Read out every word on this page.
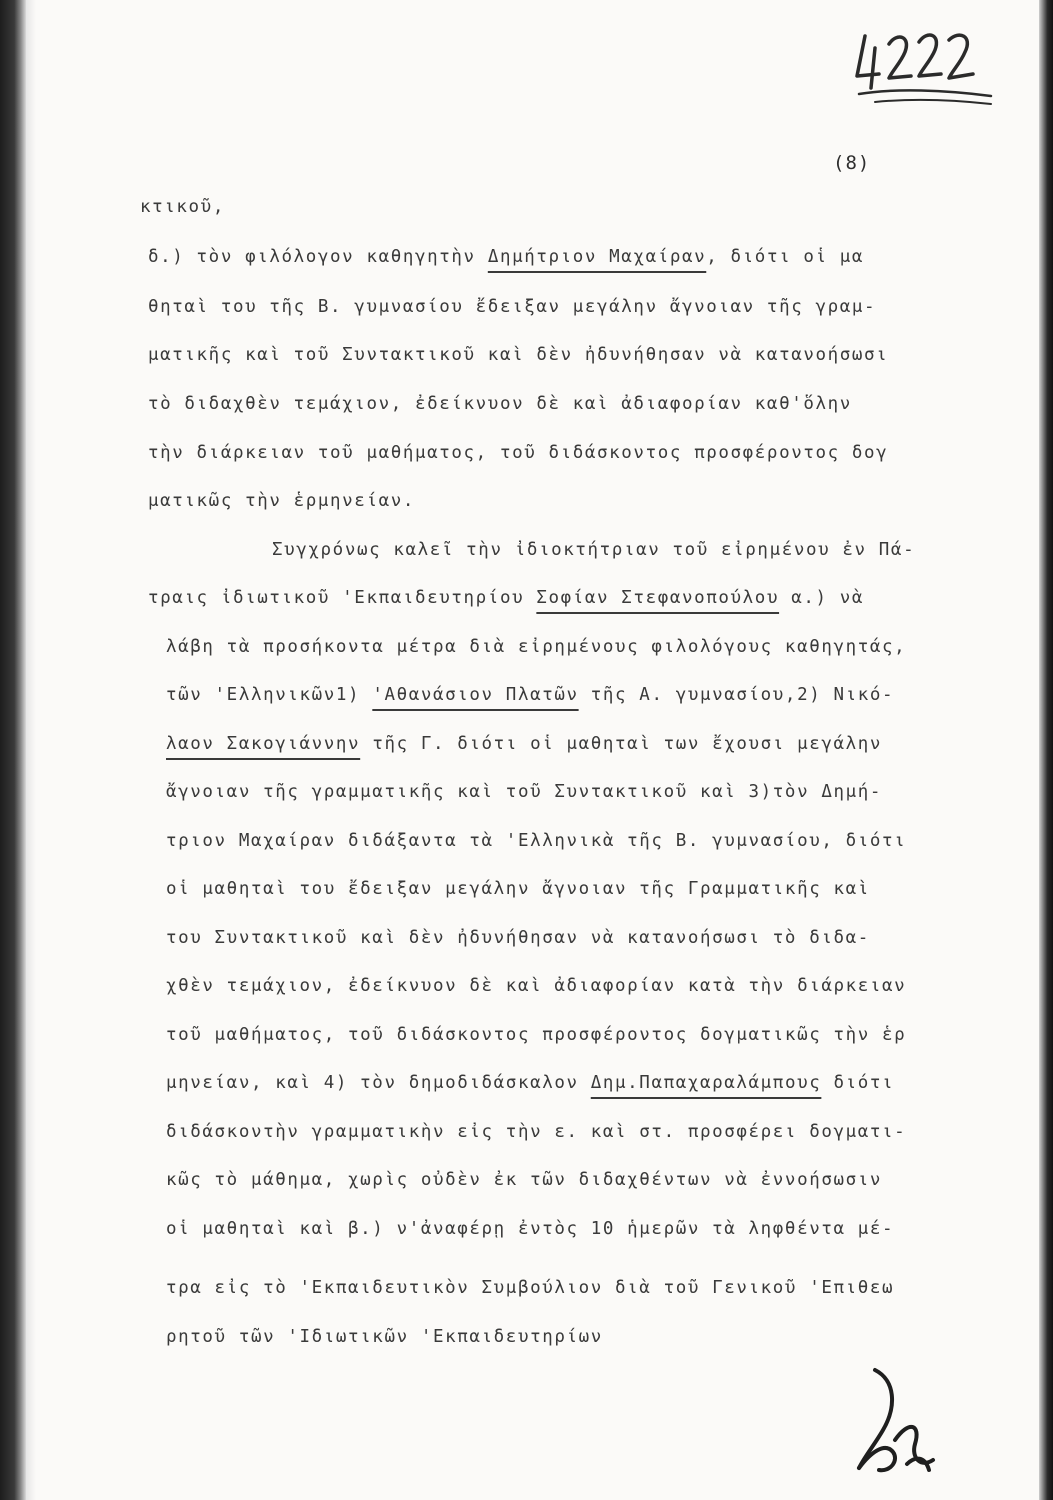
(8)
κτικοῦ,
δ.) τὸν φιλόλογον καθηγητὴν Δημήτριον Μαχαίραν, διότι οἱ μα
θηταὶ του τῆς Β. γυμνασίου ἔδειξαν μεγάλην ἄγνοιαν τῆς γραμ-
ματικῆς καὶ τοῦ Συντακτικοῦ καὶ δὲν ἠδυνήθησαν νὰ κατανοήσωσι
τὸ διδαχθὲν τεμάχιον, ἐδείκνυον δὲ καὶ ἀδιαφορίαν καθ'ὅλην
τὴν διάρκειαν τοῦ μαθήματος, τοῦ διδάσκοντος προσφέροντος δογ
ματικῶς τὴν ἑρμηνείαν.
Συγχρόνως καλεῖ τὴν ἰδιοκτήτριαν τοῦ εἰρημένου ἐν Πά-
τραις ἰδιωτικοῦ 'Εκπαιδευτηρίου Σοφίαν Στεφανοπούλου α.) νὰ
λάβη τὰ προσήκοντα μέτρα διὰ εἰρημένους φιλολόγους καθηγητάς,
τῶν 'Ελληνικῶν1) 'Αθανάσιον Πλατῶν τῆς Α. γυμνασίου,2) Νικό-
λαον Σακογιάννην τῆς Γ. διότι οἱ μαθηταὶ των ἔχουσι μεγάλην
ἄγνοιαν τῆς γραμματικῆς καὶ τοῦ Συντακτικοῦ καὶ 3)τὸν Δημή-
τριον Μαχαίραν διδάξαντα τὰ 'Ελληνικὰ τῆς Β. γυμνασίου, διότι
οἱ μαθηταὶ του ἔδειξαν μεγάλην ἄγνοιαν τῆς Γραμματικῆς καὶ
του Συντακτικοῦ καὶ δὲν ἠδυνήθησαν νὰ κατανοήσωσι τὸ διδα-
χθὲν τεμάχιον, ἐδείκνυον δὲ καὶ ἀδιαφορίαν κατὰ τὴν διάρκειαν
τοῦ μαθήματος, τοῦ διδάσκοντος προσφέροντος δογματικῶς τὴν ἑρ
μηνείαν, καὶ 4) τὸν δημοδιδάσκαλον Δημ.Παπαχαραλάμπους διότι
διδάσκοντὴν γραμματικὴν εἰς τὴν ε. καὶ στ. προσφέρει δογματι-
κῶς τὸ μάθημα, χωρὶς οὐδὲν ἐκ τῶν διδαχθέντων νὰ ἐννοήσωσιν
οἱ μαθηταὶ καὶ β.) ν'ἀναφέρῃ ἐντὸς 10 ἡμερῶν τὰ ληφθέντα μέ-
τρα εἰς τὸ 'Εκπαιδευτικὸν Συμβούλιον διὰ τοῦ Γενικοῦ 'Επιθεω
ρητοῦ τῶν 'Ιδιωτικῶν 'Εκπαιδευτηρίων
